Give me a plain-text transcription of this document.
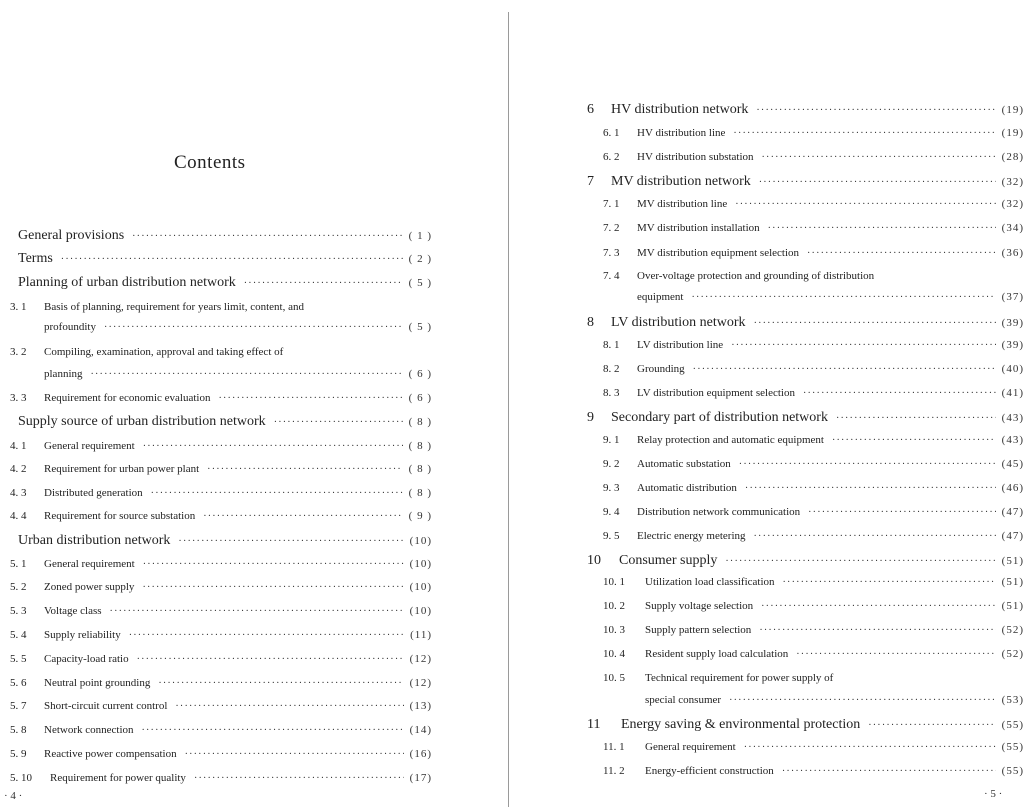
Contents
General provisions ·····	( 1 )
Terms ·····	( 2 )
Planning of urban distribution network ·····	( 5 )
3. 1	Basis of planning, requirement for years limit, content, and
profoundity ·····	( 5 )
3. 2	Compiling, examination, approval and taking effect of
planning ·····	( 6 )
3. 3	Requirement for economic evaluation ·····	( 6 )
Supply source of urban distribution network ·····	( 8 )
4. 1	General requirement ·····	( 8 )
4. 2	Requirement for urban power plant ·····	( 8 )
4. 3	Distributed generation ·····	( 8 )
4. 4	Requirement for source substation ·····	( 9 )
Urban distribution network ·····	(10)
5. 1	General requirement ·····	(10)
5. 2	Zoned power supply ·····	(10)
5. 3	Voltage class ·····	(10)
5. 4	Supply reliability ·····	(11)
5. 5	Capacity-load ratio ·····	(12)
5. 6	Neutral point grounding ·····	(12)
5. 7	Short-circuit current control ·····	(13)
5. 8	Network connection ·····	(14)
5. 9	Reactive power compensation ·····	(16)
5. 10	Requirement for power quality ·····	(17)
· 4 ·
6	HV distribution network ·····	(19)
6. 1	HV distribution line ·····	(19)
6. 2	HV distribution substation ·····	(28)
7	MV distribution network ·····	(32)
7. 1	MV distribution line ·····	(32)
7. 2	MV distribution installation ·····	(34)
7. 3	MV distribution equipment selection ·····	(36)
7. 4	Over-voltage protection and grounding of distribution
equipment ·····	(37)
8	LV distribution network ·····	(39)
8. 1	LV distribution line ·····	(39)
8. 2	Grounding ·····	(40)
8. 3	LV distribution equipment selection ·····	(41)
9	Secondary part of distribution network ·····	(43)
9. 1	Relay protection and automatic equipment ·····	(43)
9. 2	Automatic substation ·····	(45)
9. 3	Automatic distribution ·····	(46)
9. 4	Distribution network communication ·····	(47)
9. 5	Electric energy metering ·····	(47)
10	Consumer supply ·····	(51)
10. 1	Utilization load classification ·····	(51)
10. 2	Supply voltage selection ·····	(51)
10. 3	Supply pattern selection ·····	(52)
10. 4	Resident supply load calculation ·····	(52)
10. 5	Technical requirement for power supply of
special consumer ·····	(53)
11	Energy saving & environmental protection ·····	(55)
11. 1	General requirement ·····	(55)
11. 2	Energy-efficient construction ·····	(55)
· 5 ·
